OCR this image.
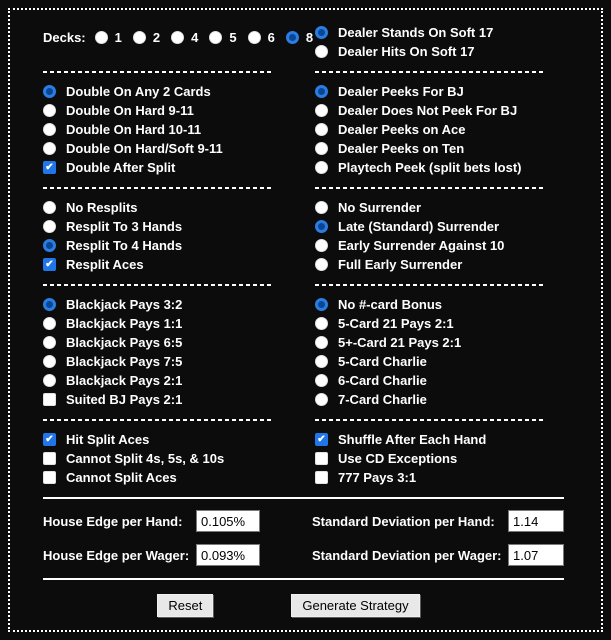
Decks: 1 2 4 5 6 8 Dealer Stands On Soft 17
Dealer Hits On Soft 17
Double On Any 2 Cards
Double On Hard 9-11
Double On Hard 10-11
Double On Hard/Soft 9-11
✔ Double After Split
Dealer Peeks For BJ
Dealer Does Not Peek For BJ
Dealer Peeks on Ace
Dealer Peeks on Ten
Playtech Peek (split bets lost)
No Resplits
Resplit To 3 Hands
Resplit To 4 Hands
✔ Resplit Aces
No Surrender
Late (Standard) Surrender
Early Surrender Against 10
Full Early Surrender
Blackjack Pays 3:2
Blackjack Pays 1:1
Blackjack Pays 6:5
Blackjack Pays 7:5
Blackjack Pays 2:1
Suited BJ Pays 2:1
No #-card Bonus
5-Card 21 Pays 2:1
5+-Card 21 Pays 2:1
5-Card Charlie
6-Card Charlie
7-Card Charlie
✔ Hit Split Aces
Cannot Split 4s, 5s, & 10s
Cannot Split Aces
✔ Shuffle After Each Hand
Use CD Exceptions
777 Pays 3:1
House Edge per Hand:
0.105%	Standard Deviation per Hand:
1.14
House Edge per Wager:
0.093%	Standard Deviation per Wager:
1.07
Reset	Generate Strategy
